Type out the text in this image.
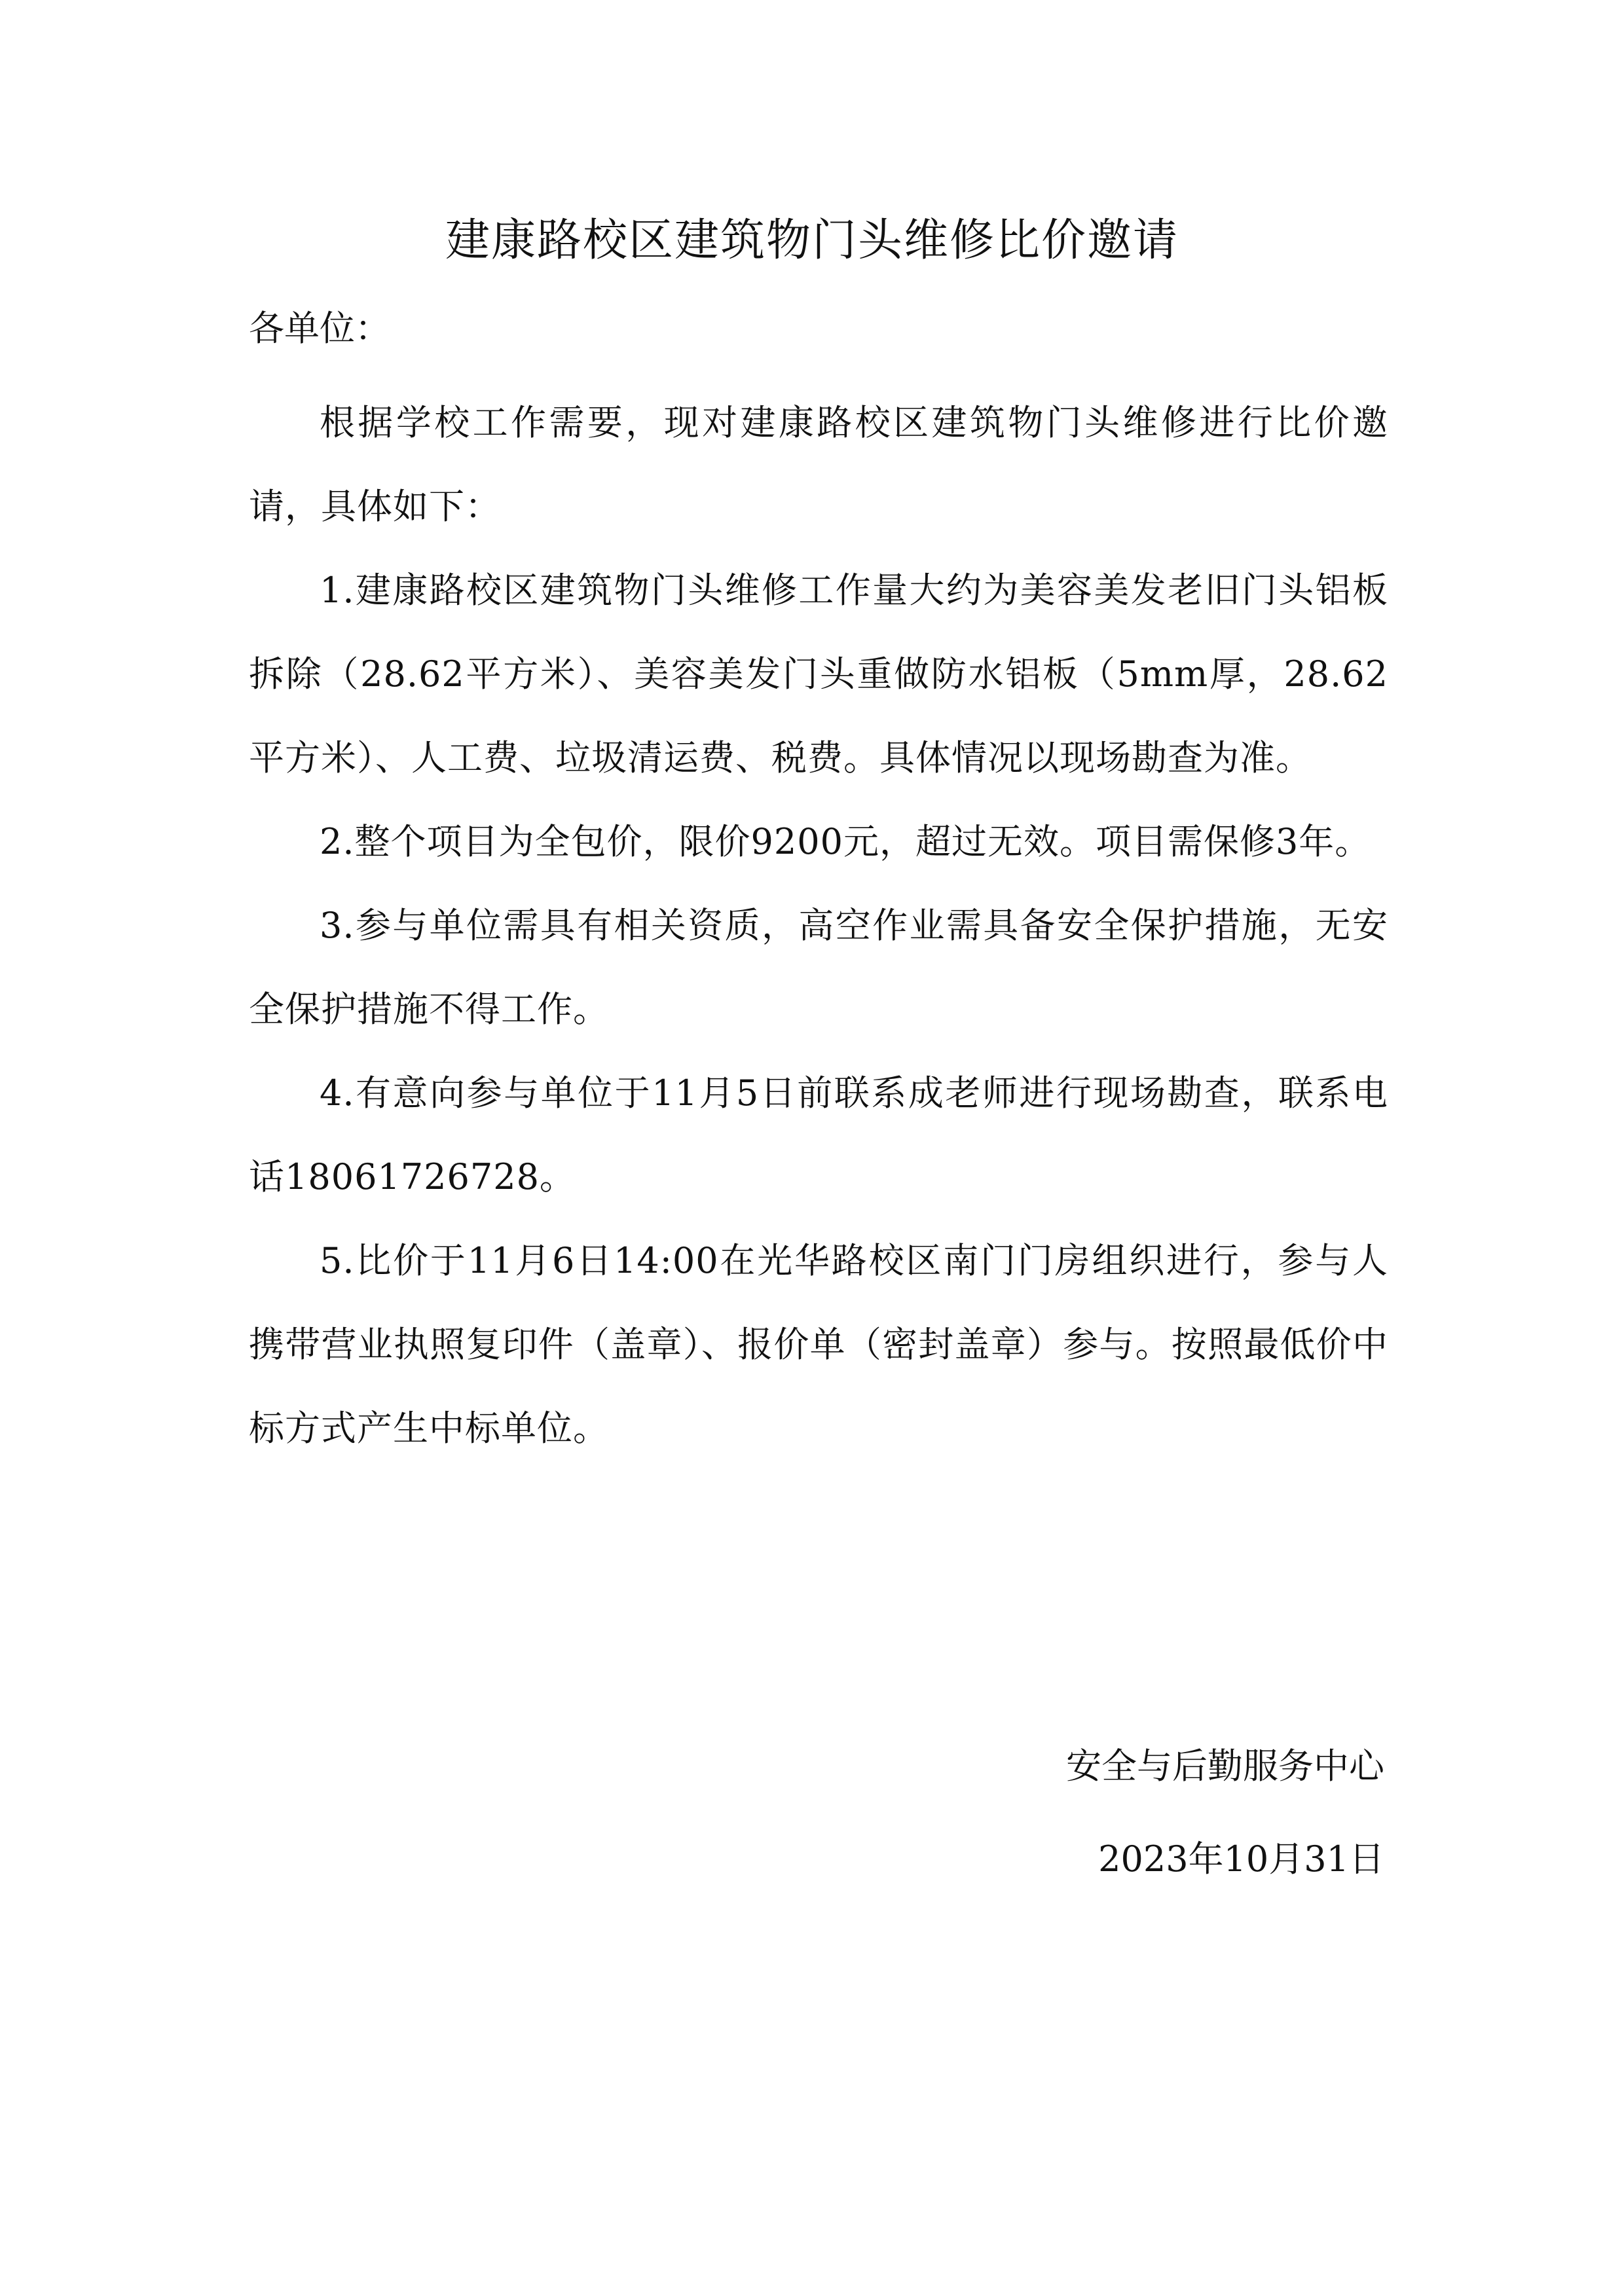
建康路校区建筑物门头维修比价邀请
各单位：

根据学校工作需要，现对建康路校区建筑物门头维修进行比价邀请，具体如下：

1.建康路校区建筑物门头维修工作量大约为美容美发老旧门头铝板拆除（28.62平方米）、美容美发门头重做防水铝板（5mm厚，28.62平方米）、人工费、垃圾清运费、税费。具体情况以现场勘查为准。

2.整个项目为全包价，限价9200元，超过无效。项目需保修3年。

3.参与单位需具有相关资质，高空作业需具备安全保护措施，无安全保护措施不得工作。

4.有意向参与单位于11月5日前联系成老师进行现场勘查，联系电话18061726728。

5.比价于11月6日14:00在光华路校区南门门房组织进行，参与人携带营业执照复印件（盖章）、报价单（密封盖章）参与。按照最低价中标方式产生中标单位。

安全与后勤服务中心
2023年10月31日
